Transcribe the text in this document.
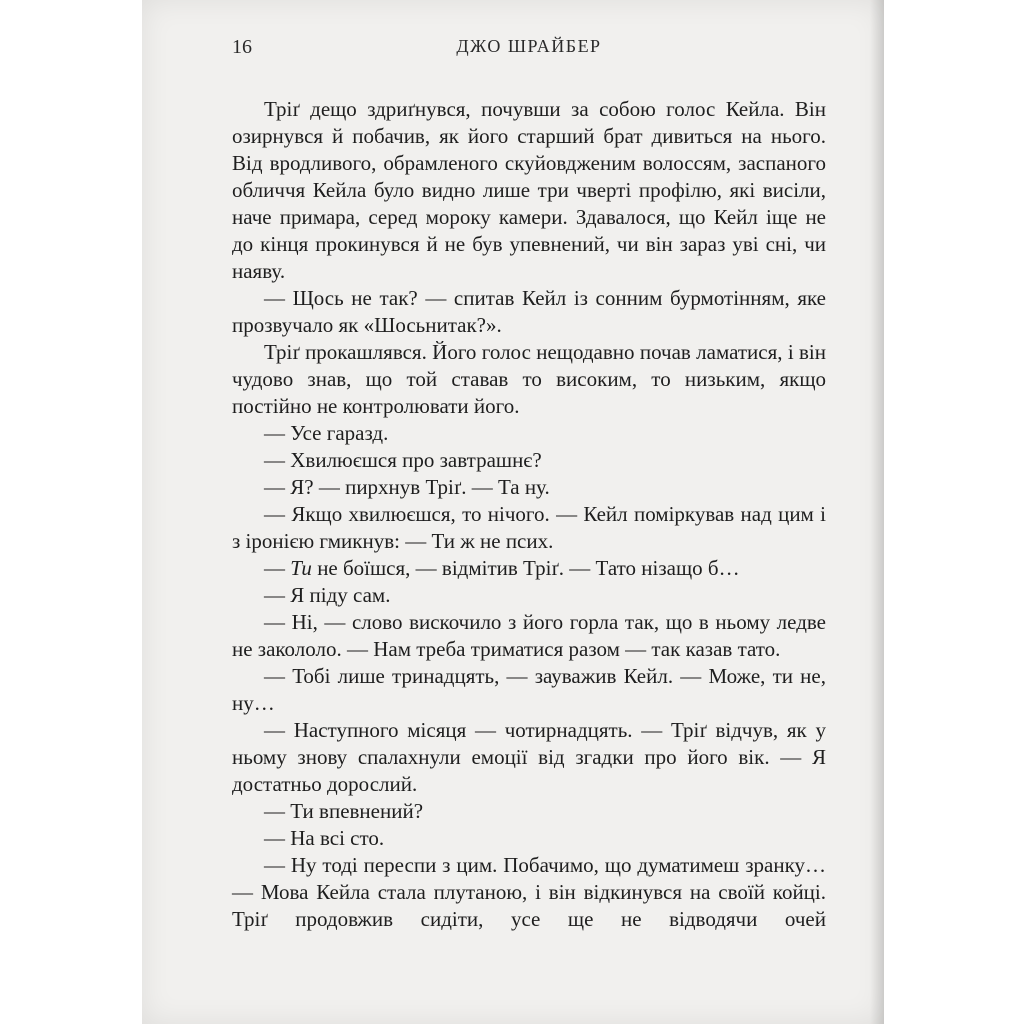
16	ДЖО ШРАЙБЕР

Тріґ дещо здриґнувся, почувши за собою голос Кейла. Він озирнувся й побачив, як його старший брат дивиться на нього. Від вродливого, обрамленого скуйовдженим волоссям, заспаного обличчя Кейла було видно лише три чверті профілю, які висіли, наче примара, серед мороку камери. Здавалося, що Кейл іще не до кінця прокинувся й не був упевнений, чи він зараз уві сні, чи наяву.

— Щось не так? — спитав Кейл із сонним бурмотінням, яке прозвучало як «Шосьнитак?».

Тріґ прокашлявся. Його голос нещодавно почав ламатися, і він чудово знав, що той ставав то високим, то низьким, якщо постійно не контролювати його.

— Усе гаразд.

— Хвилюєшся про завтрашнє?

— Я? — пирхнув Тріґ. — Та ну.

— Якщо хвилюєшся, то нічого. — Кейл поміркував над цим і з іронією гмикнув: — Ти ж не псих.

— Ти не боїшся, — відмітив Тріґ. — Тато нізащо б…

— Я піду сам.

— Ні, — слово вискочило з його горла так, що в ньому ледве не закололо. — Нам треба триматися разом — так казав тато.

— Тобі лише тринадцять, — зауважив Кейл. — Може, ти не, ну…

— Наступного місяця — чотирнадцять. — Тріґ відчув, як у ньому знову спалахнули емоції від згадки про його вік. — Я достатньо дорослий.

— Ти впевнений?

— На всі сто.

— Ну тоді переспи з цим. Побачимо, що думатимеш зранку… — Мова Кейла стала плутаною, і він відкинувся на своїй койці. Тріґ продовжив сидіти, усе ще не відводячи очей
